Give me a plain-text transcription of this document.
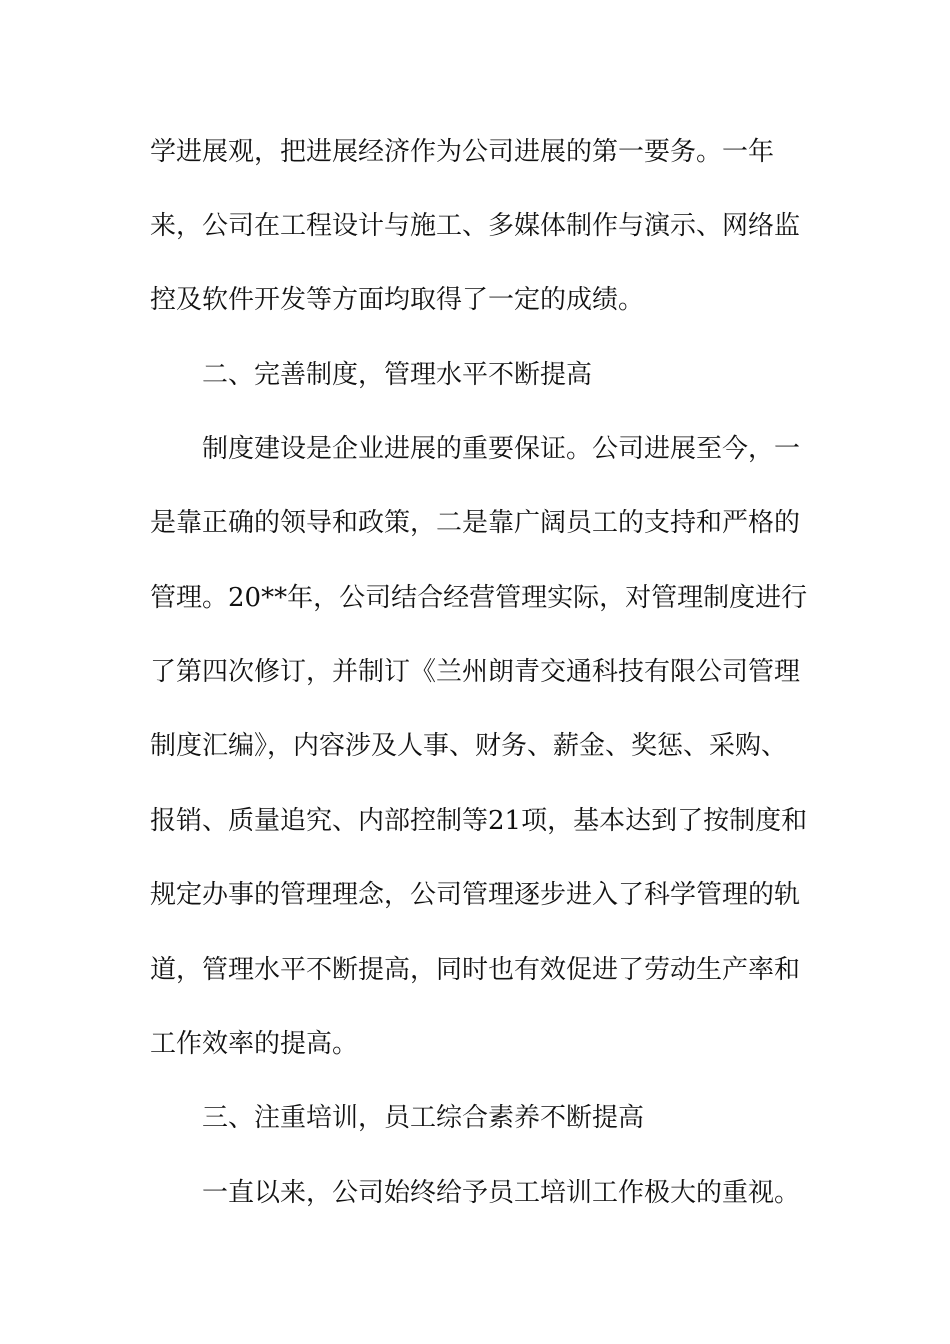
学进展观，把进展经济作为公司进展的第一要务。一年
来，公司在工程设计与施工、多媒体制作与演示、网络监
控及软件开发等方面均取得了一定的成绩。
二、完善制度，管理水平不断提高
制度建设是企业进展的重要保证。公司进展至今，一
是靠正确的领导和政策，二是靠广阔员工的支持和严格的
管理。20**年，公司结合经营管理实际，对管理制度进行
了第四次修订，并制订《兰州朗青交通科技有限公司管理
制度汇编》，内容涉及人事、财务、薪金、奖惩、采购、
报销、质量追究、内部控制等21项，基本达到了按制度和
规定办事的管理理念，公司管理逐步进入了科学管理的轨
道，管理水平不断提高，同时也有效促进了劳动生产率和
工作效率的提高。
三、注重培训，员工综合素养不断提高
一直以来，公司始终给予员工培训工作极大的重视。
